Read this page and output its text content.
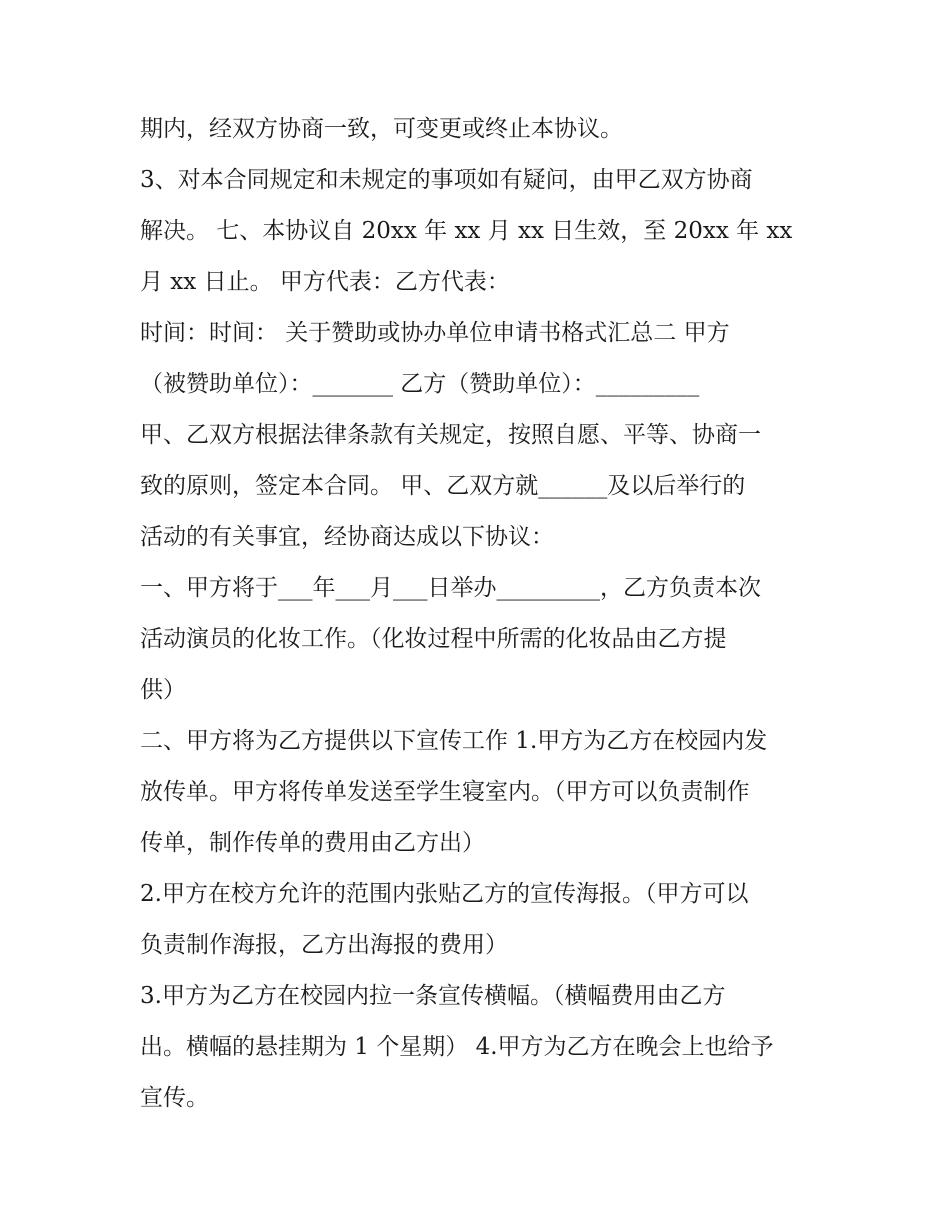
期内，经双方协商一致，可变更或终止本协议。
3、对本合同规定和未规定的事项如有疑问，由甲乙双方协商
解决。 七、本协议自 20xx 年 xx 月 xx 日生效，至 20xx 年 xx
月 xx 日止。 甲方代表：乙方代表：
时间：时间： 关于赞助或协办单位申请书格式汇总二 甲方
（被赞助单位）：_______ 乙方（赞助单位）：_________
甲、乙双方根据法律条款有关规定，按照自愿、平等、协商一
致的原则，签定本合同。 甲、乙双方就______及以后举行的
活动的有关事宜，经协商达成以下协议：
一、甲方将于___年___月___日举办_________，乙方负责本次
活动演员的化妆工作。（化妆过程中所需的化妆品由乙方提
供）
二、甲方将为乙方提供以下宣传工作 1.甲方为乙方在校园内发
放传单。甲方将传单发送至学生寝室内。（甲方可以负责制作
传单，制作传单的费用由乙方出）
2.甲方在校方允许的范围内张贴乙方的宣传海报。（甲方可以
负责制作海报，乙方出海报的费用）
3.甲方为乙方在校园内拉一条宣传横幅。（横幅费用由乙方
出。横幅的悬挂期为 1 个星期） 4.甲方为乙方在晚会上也给予
宣传。
